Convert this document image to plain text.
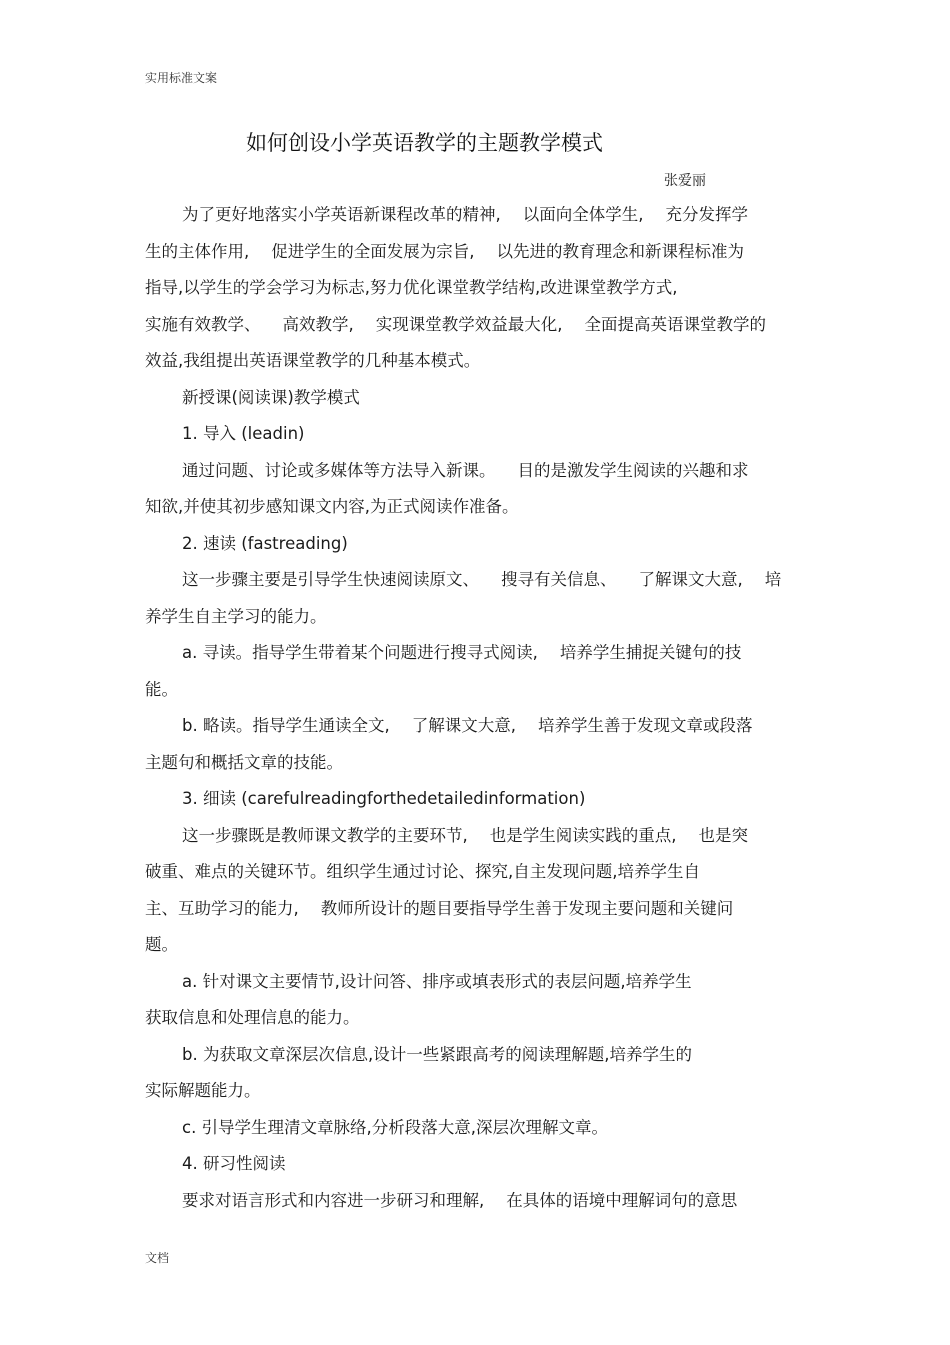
实用标准文案
如何创设小学英语教学的主题教学模式
张爱丽
为了更好地落实小学英语新课程改革的精神, 以面向全体学生, 充分发挥学
生的主体作用, 促进学生的全面发展为宗旨, 以先进的教育理念和新课程标准为
指导,以学生的学会学习为标志,努力优化课堂教学结构,改进课堂教学方式,
实施有效教学、 高效教学, 实现课堂教学效益最大化, 全面提高英语课堂教学的
效益,我组提出英语课堂教学的几种基本模式。
新授课(阅读课)教学模式
1. 导入 (leadin)
通过问题、讨论或多媒体等方法导入新课。 目的是激发学生阅读的兴趣和求
知欲,并使其初步感知课文内容,为正式阅读作准备。
2. 速读 (fastreading)
这一步骤主要是引导学生快速阅读原文、 搜寻有关信息、 了解课文大意, 培
养学生自主学习的能力。
a. 寻读。指导学生带着某个问题进行搜寻式阅读, 培养学生捕捉关键句的技
能。
b. 略读。指导学生通读全文, 了解课文大意, 培养学生善于发现文章或段落
主题句和概括文章的技能。
3. 细读 (carefulreadingforthedetailedinformation)
这一步骤既是教师课文教学的主要环节, 也是学生阅读实践的重点, 也是突
破重、难点的关键环节。组织学生通过讨论、探究,自主发现问题,培养学生自
主、互助学习的能力, 教师所设计的题目要指导学生善于发现主要问题和关键问
题。
a. 针对课文主要情节,设计问答、排序或填表形式的表层问题,培养学生
获取信息和处理信息的能力。
b. 为获取文章深层次信息,设计一些紧跟高考的阅读理解题,培养学生的
实际解题能力。
c. 引导学生理清文章脉络,分析段落大意,深层次理解文章。
4. 研习性阅读
要求对语言形式和内容进一步研习和理解, 在具体的语境中理解词句的意思
文档
